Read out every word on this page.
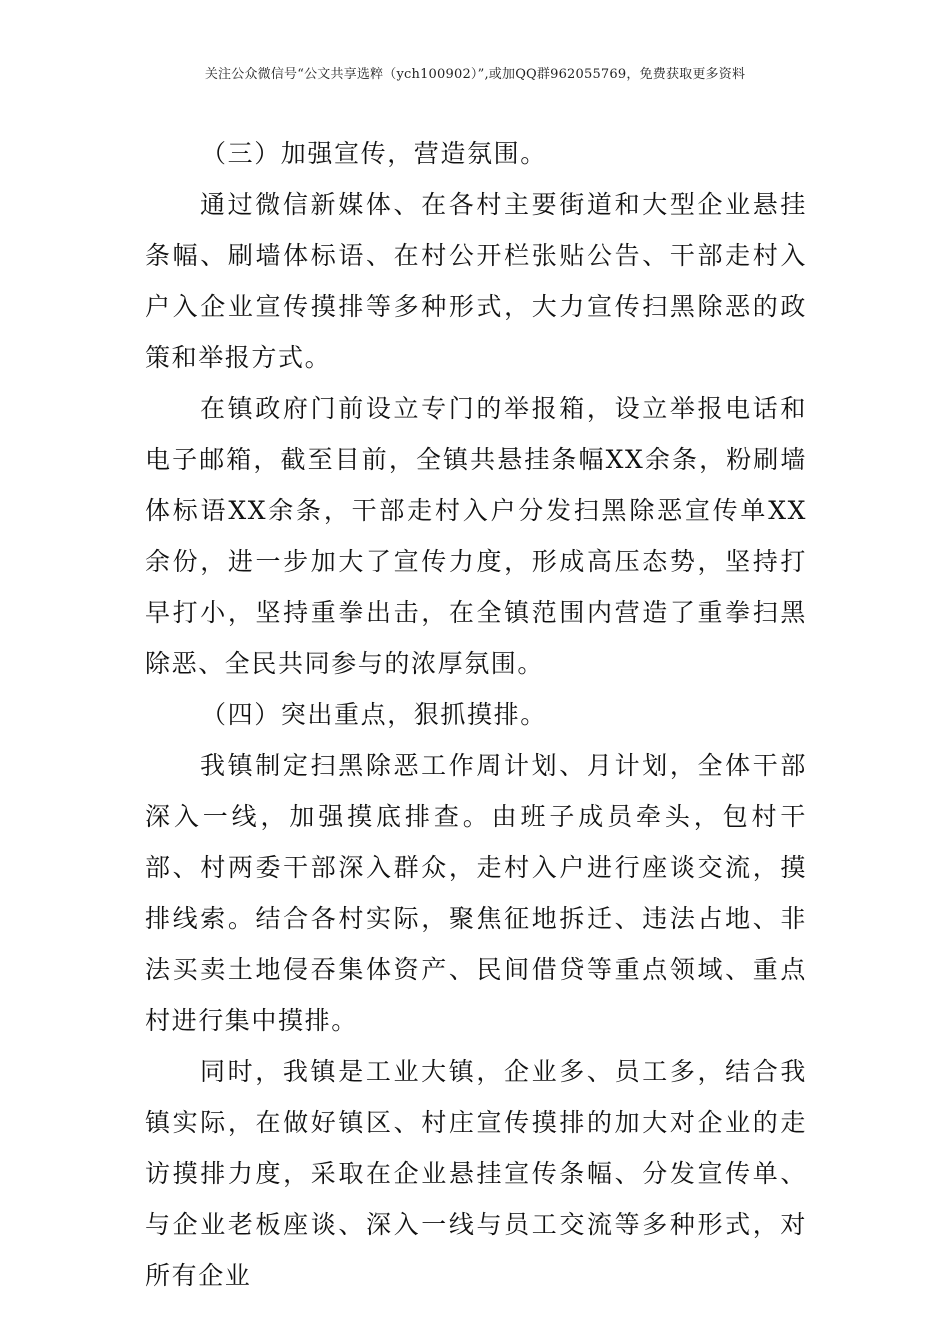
关注公众微信号“公文共享选粹（ych100902）”,或加QQ群962055769，免费获取更多资料

（三）加强宣传，营造氛围。

通过微信新媒体、在各村主要街道和大型企业悬挂条幅、刷墙体标语、在村公开栏张贴公告、干部走村入户入企业宣传摸排等多种形式，大力宣传扫黑除恶的政策和举报方式。

在镇政府门前设立专门的举报箱，设立举报电话和电子邮箱，截至目前，全镇共悬挂条幅XX余条，粉刷墙体标语XX余条，干部走村入户分发扫黑除恶宣传单XX余份，进一步加大了宣传力度，形成高压态势，坚持打早打小，坚持重拳出击，在全镇范围内营造了重拳扫黑除恶、全民共同参与的浓厚氛围。

（四）突出重点，狠抓摸排。

我镇制定扫黑除恶工作周计划、月计划，全体干部深入一线，加强摸底排查。由班子成员牵头，包村干部、村两委干部深入群众，走村入户进行座谈交流，摸排线索。结合各村实际，聚焦征地拆迁、违法占地、非法买卖土地侵吞集体资产、民间借贷等重点领域、重点村进行集中摸排。

同时，我镇是工业大镇，企业多、员工多，结合我镇实际，在做好镇区、村庄宣传摸排的加大对企业的走访摸排力度，采取在企业悬挂宣传条幅、分发宣传单、与企业老板座谈、深入一线与员工交流等多种形式，对所有企业
